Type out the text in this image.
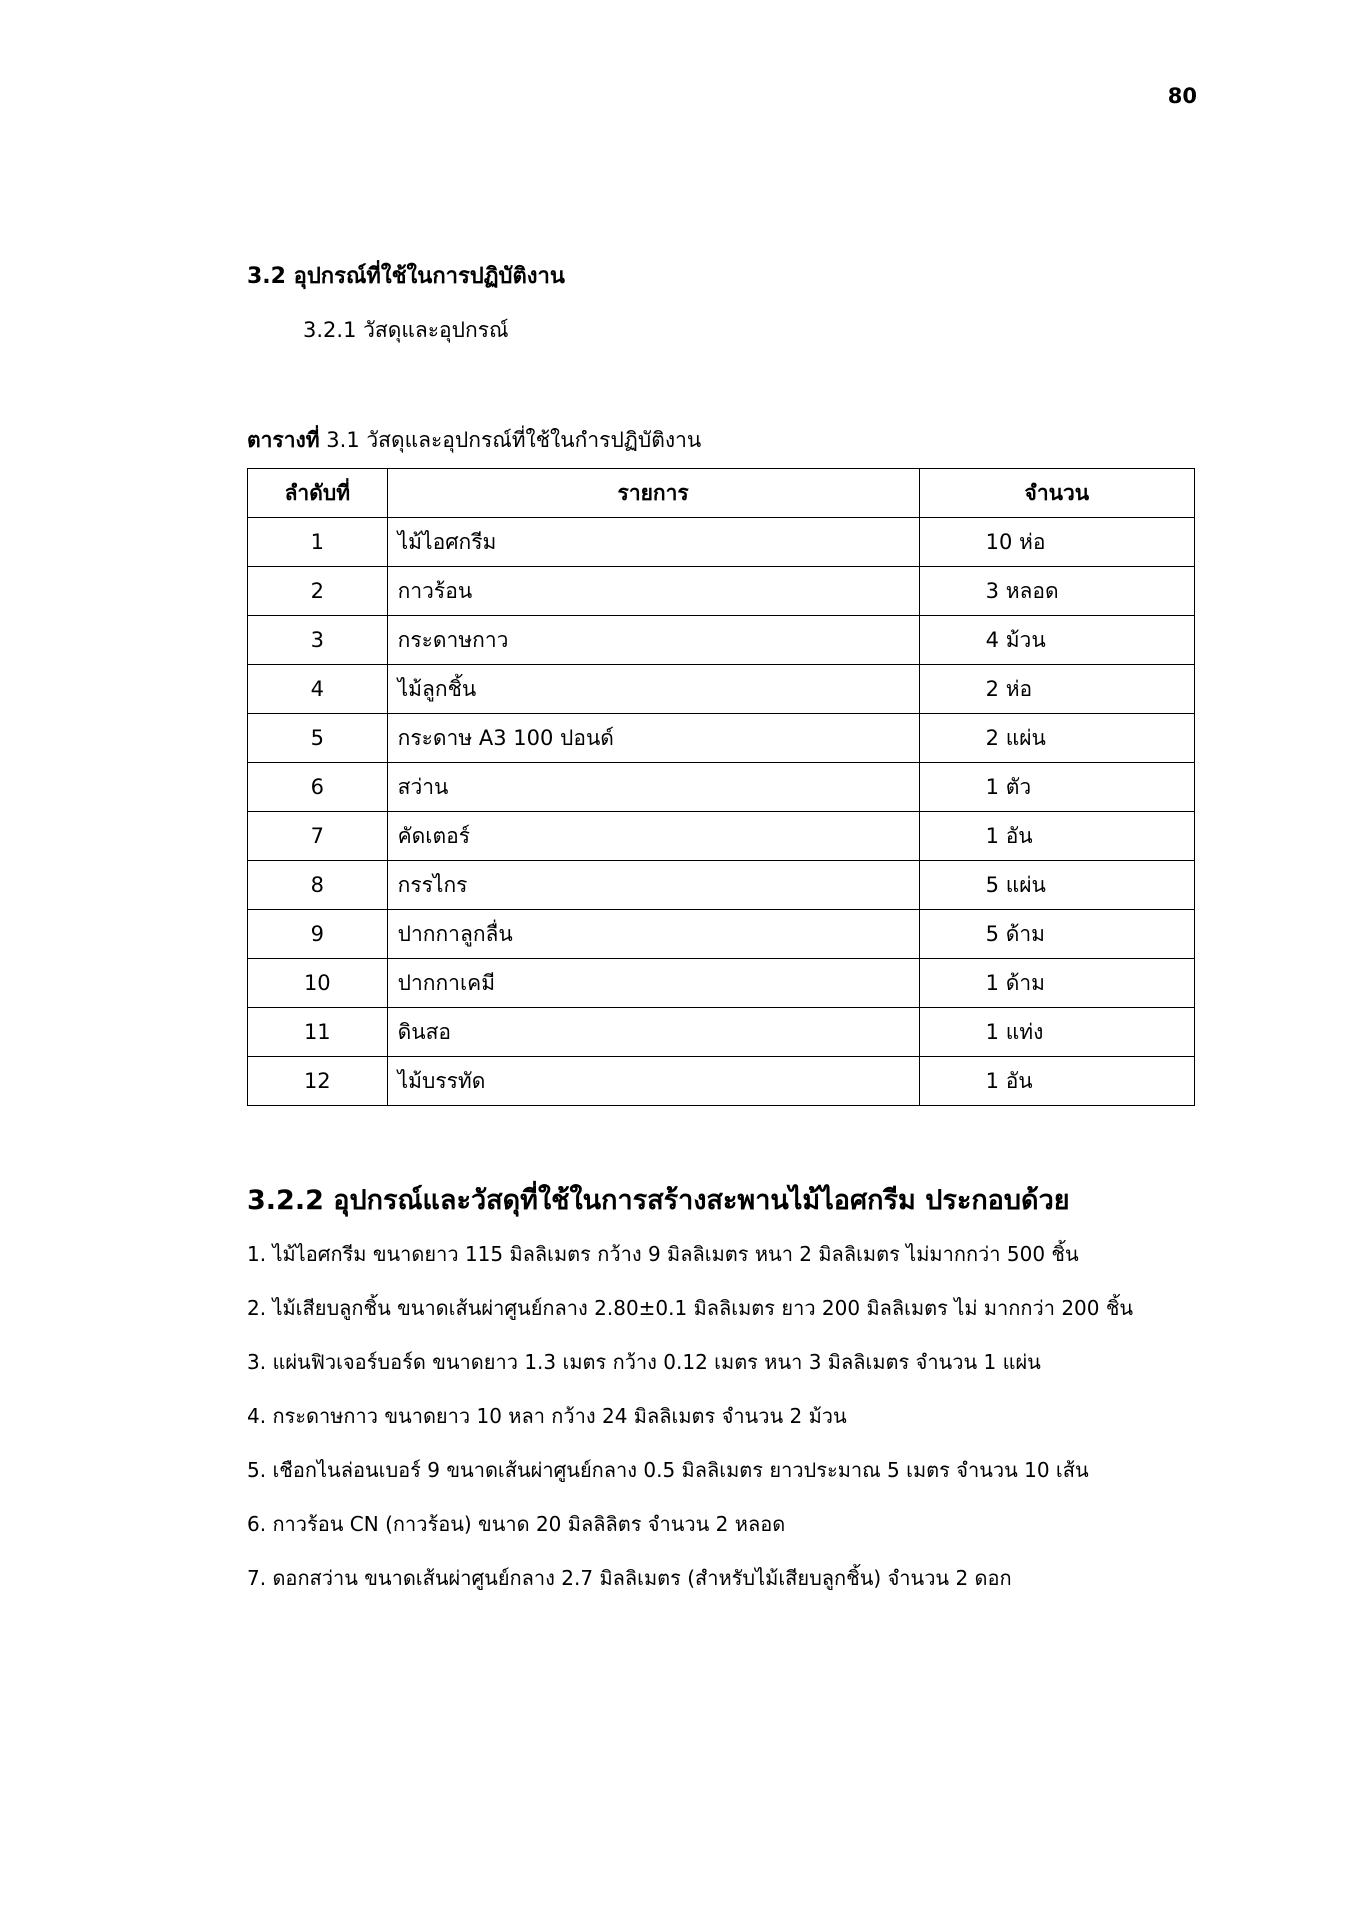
80
3.2 อุปกรณ์ที่ใช้ในการปฏิบัติงาน
3.2.1 วัสดุและอุปกรณ์
ตารางที่ 3.1 วัสดุและอุปกรณ์ที่ใช้ในกำรปฏิบัติงาน
ลำดับที่	รายการ	จำนวน
1	ไม้ไอศกรีม	10 ห่อ
2	กาวร้อน	3 หลอด
3	กระดาษกาว	4 ม้วน
4	ไม้ลูกชิ้น	2 ห่อ
5	กระดาษ A3 100 ปอนด์	2 แผ่น
6	สว่าน	1 ตัว
7	คัดเตอร์	1 อัน
8	กรรไกร	5 แผ่น
9	ปากกาลูกลื่น	5 ด้าม
10	ปากกาเคมี	1 ด้าม
11	ดินสอ	1 แท่ง
12	ไม้บรรทัด	1 อัน
3.2.2 อุปกรณ์และวัสดุที่ใช้ในการสร้างสะพานไม้ไอศกรีม ประกอบด้วย

1. ไม้ไอศกรีม ขนาดยาว 115 มิลลิเมตร กว้าง 9 มิลลิเมตร หนา 2 มิลลิเมตร ไม่มากกว่า 500 ชิ้น

2. ไม้เสียบลูกชิ้น ขนาดเส้นผ่าศูนย์กลาง 2.80±0.1 มิลลิเมตร ยาว 200 มิลลิเมตร ไม่ มากกว่า 200 ชิ้น

3. แผ่นฟิวเจอร์บอร์ด ขนาดยาว 1.3 เมตร กว้าง 0.12 เมตร หนา 3 มิลลิเมตร จำนวน 1 แผ่น

4. กระดาษกาว ขนาดยาว 10 หลา กว้าง 24 มิลลิเมตร จำนวน 2 ม้วน

5. เชือกไนล่อนเบอร์ 9 ขนาดเส้นผ่าศูนย์กลาง 0.5 มิลลิเมตร ยาวประมาณ 5 เมตร จำนวน 10 เส้น

6. กาวร้อน CN (กาวร้อน) ขนาด 20 มิลลิลิตร จำนวน 2 หลอด

7. ดอกสว่าน ขนาดเส้นผ่าศูนย์กลาง 2.7 มิลลิเมตร (สำหรับไม้เสียบลูกชิ้น) จำนวน 2 ดอก
